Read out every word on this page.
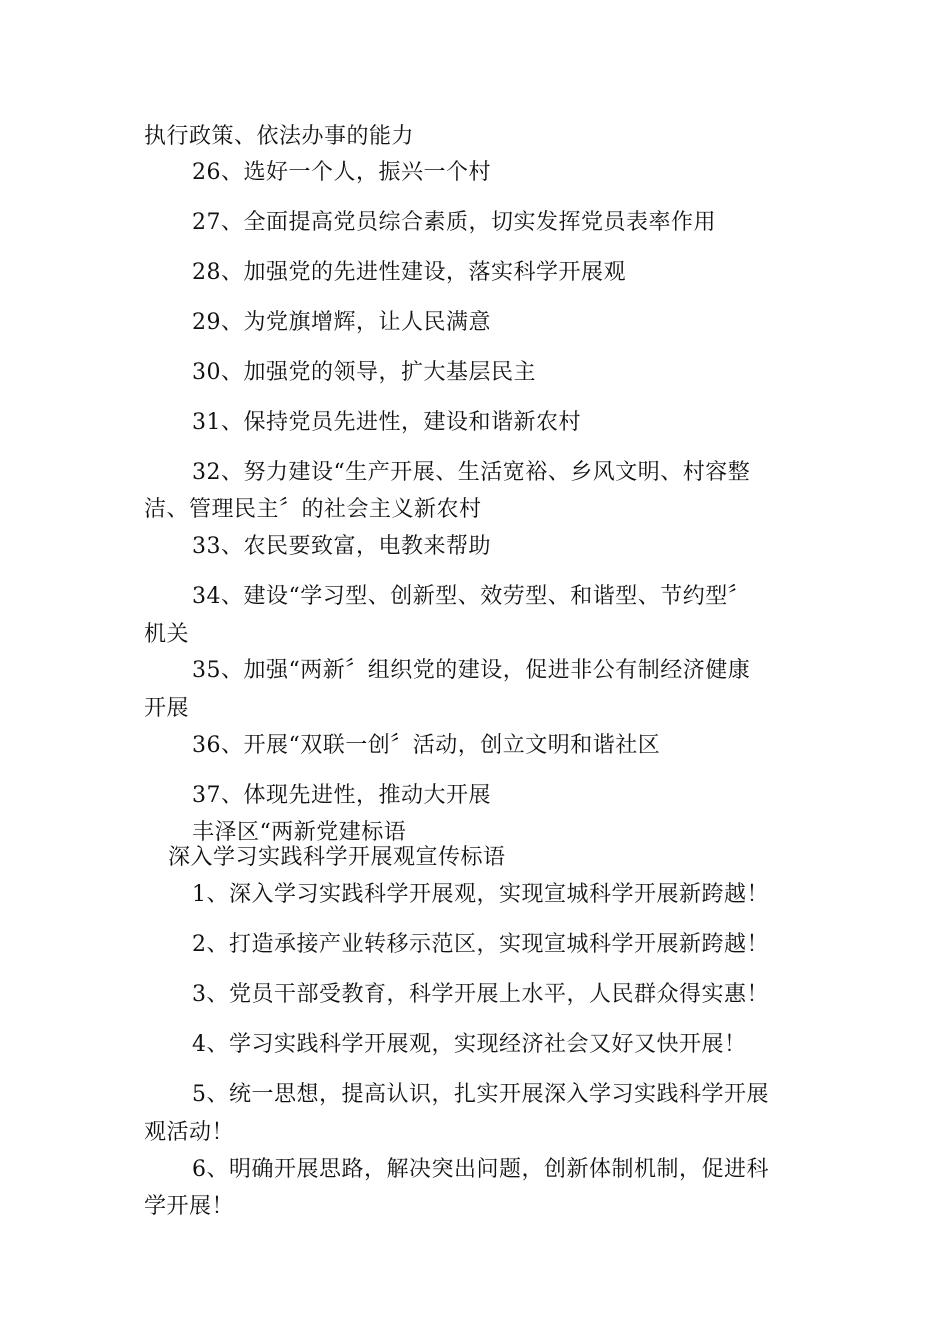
执行政策、依法办事的能力
26、选好一个人，振兴一个村
27、全面提高党员综合素质，切实发挥党员表率作用
28、加强党的先进性建设，落实科学开展观
29、为党旗增辉，让人民满意
30、加强党的领导，扩大基层民主
31、保持党员先进性，建设和谐新农村
32、努力建设“生产开展、生活宽裕、乡风文明、村容整
洁、管理民主〞的社会主义新农村
33、农民要致富，电教来帮助
34、建设“学习型、创新型、效劳型、和谐型、节约型〞
机关
35、加强“两新〞组织党的建设，促进非公有制经济健康
开展
36、开展“双联一创〞活动，创立文明和谐社区
37、体现先进性，推动大开展
丰泽区“两新党建标语
深入学习实践科学开展观宣传标语
1、深入学习实践科学开展观，实现宣城科学开展新跨越！
2、打造承接产业转移示范区，实现宣城科学开展新跨越！
3、党员干部受教育，科学开展上水平，人民群众得实惠！
4、学习实践科学开展观，实现经济社会又好又快开展！
5、统一思想，提高认识，扎实开展深入学习实践科学开展
观活动！
6、明确开展思路，解决突出问题，创新体制机制，促进科
学开展！
